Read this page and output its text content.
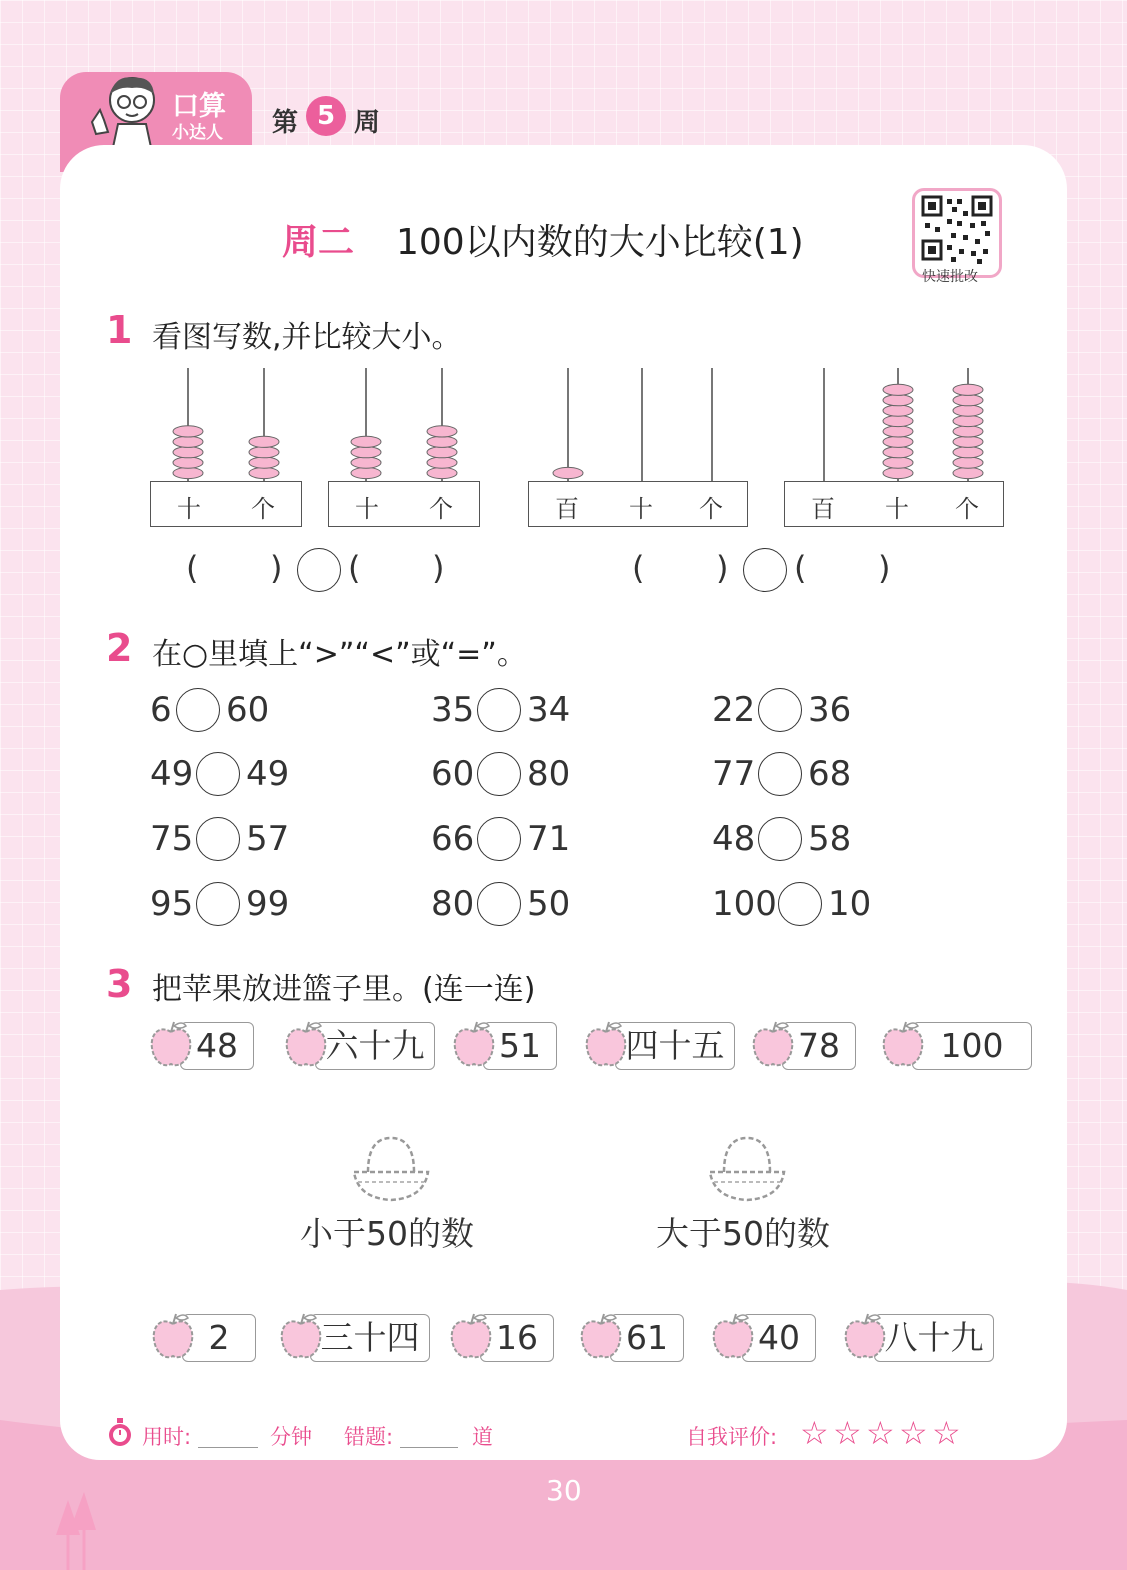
口算
小达人 第 5 周
周二 100以内数的大小比较(1)
快速批改
1 看图写数,并比较大小。
十 个	十 个	百 十 个	百 十 个
( ) ( )	( ) ( )
2 在○里填上“>”“<”或“=”。
6 60	35 34	22 36
49 49	60 80	77 68
75 57	66 71	48 58
95 99	80 50	100 10
3 把苹果放进篮子里。(连一连)
48	六十九	51	四十五	78	100
2	三十四	16	61	40	八十九
小于50的数	大于50的数
用时:	分钟 错题:	道	自我评价: ☆ ☆ ☆ ☆ ☆
30
